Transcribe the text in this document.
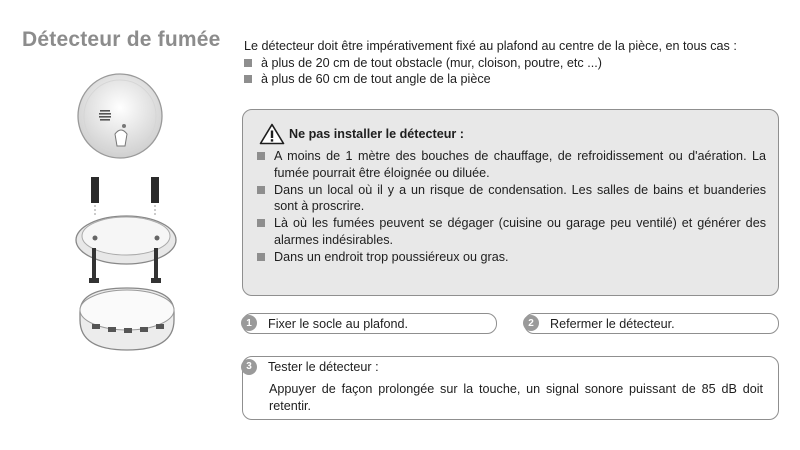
Détecteur de fumée Le détecteur doit être impérativement fixé au plafond au centre de la pièce, en tous cas :
à plus de 20 cm de tout obstacle (mur, cloison, poutre, etc ...)
à plus de 60 cm de tout angle de la pièce
Ne pas installer le détecteur :
A moins de 1 mètre des bouches de chauffage, de refroidissement ou d'aération. La fumée pourrait être éloignée ou diluée.
Dans un local où il y a un risque de condensation. Les salles de bains et buanderies sont à proscrire.
Là où les fumées peuvent se dégager (cuisine ou garage peu ventilé) et générer des alarmes indésirables.
Dans un endroit trop poussiéreux ou gras.
1	Fixer le socle au plafond.	2	Refermer le détecteur.
3	Tester le détecteur :
Appuyer de façon prolongée sur la touche, un signal sonore puissant de 85 dB doit retentir.
